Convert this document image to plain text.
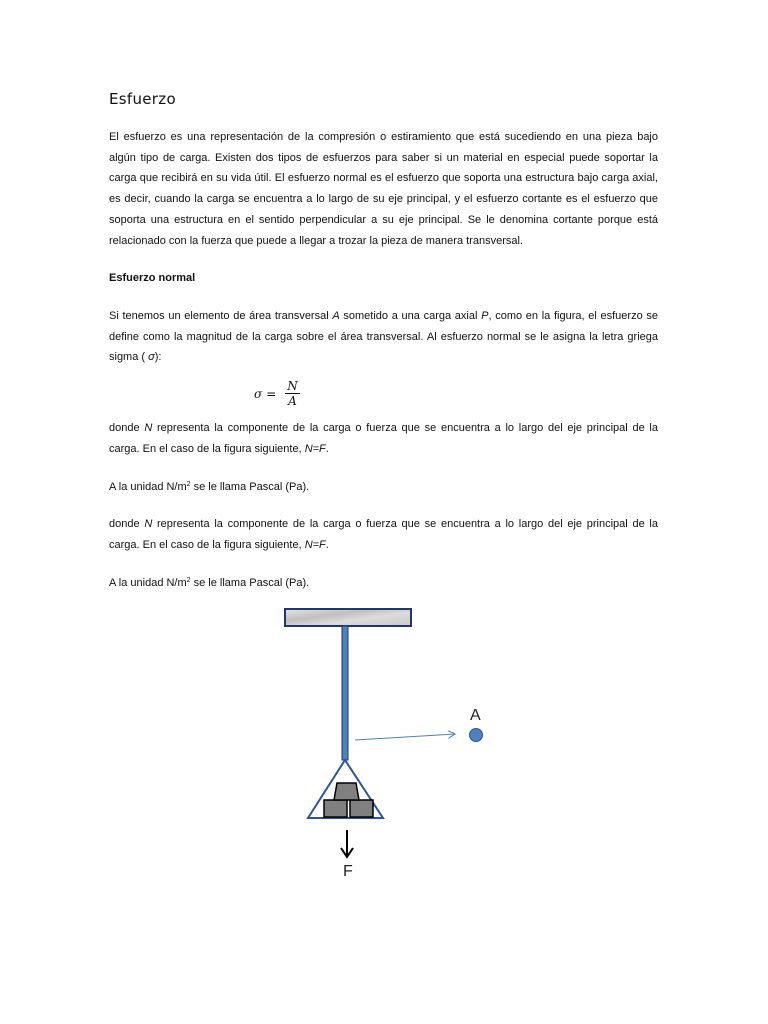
Esfuerzo

El esfuerzo es una representación de la compresión o estiramiento que está sucediendo en una pieza bajo algún tipo de carga. Existen dos tipos de esfuerzos para saber si un material en especial puede soportar la carga que recibirá en su vida útil. El esfuerzo normal es el esfuerzo que soporta una estructura bajo carga axial, es decir, cuando la carga se encuentra a lo largo de su eje principal, y el esfuerzo cortante es el esfuerzo que soporta una estructura en el sentido perpendicular a su eje principal. Se le denomina cortante porque está relacionado con la fuerza que puede a llegar a trozar la pieza de manera transversal.

Esfuerzo normal

Si tenemos un elemento de área transversal A sometido a una carga axial P, como en la figura, el esfuerzo se define como la magnitud de la carga sobre el área transversal. Al esfuerzo normal se le asigna la letra griega sigma ( σ):

$\sigma = \frac{N}{A}$

donde N representa la componente de la carga o fuerza que se encuentra a lo largo del eje principal de la carga. En el caso de la figura siguiente, N=F.

A la unidad $N/m^2$ se le llama Pascal (Pa).

donde N representa la componente de la carga o fuerza que se encuentra a lo largo del eje principal de la carga. En el caso de la figura siguiente, N=F.

A la unidad $N/m^2$ se le llama Pascal (Pa).

F
A
